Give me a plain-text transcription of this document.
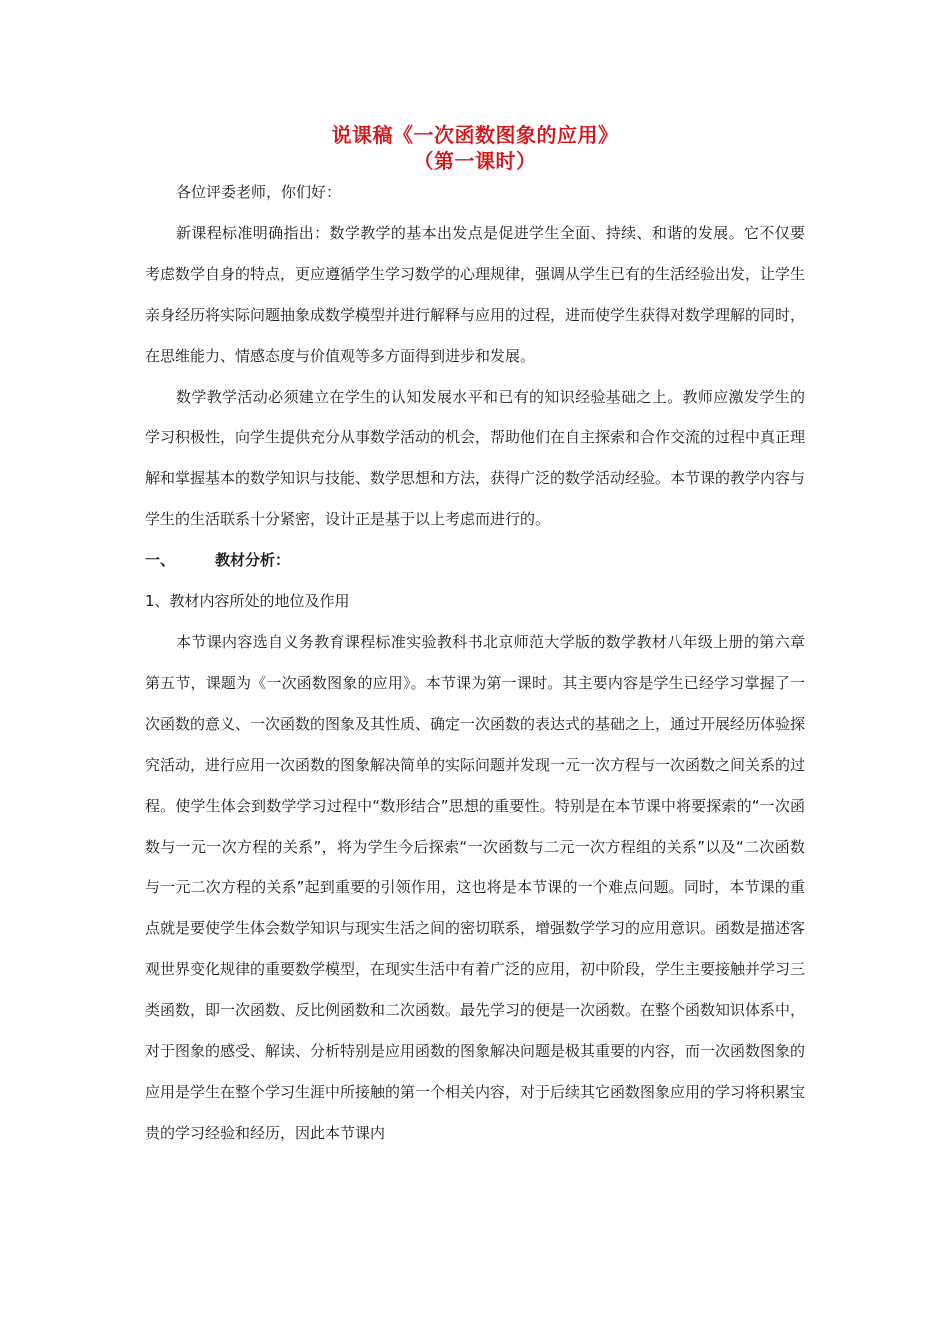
说课稿《一次函数图象的应用》
（第一课时）

各位评委老师，你们好：

新课程标准明确指出：数学教学的基本出发点是促进学生全面、持续、和谐的发展。它不仅要考虑数学自身的特点，更应遵循学生学习数学的心理规律，强调从学生已有的生活经验出发，让学生亲身经历将实际问题抽象成数学模型并进行解释与应用的过程，进而使学生获得对数学理解的同时，在思维能力、情感态度与价值观等多方面得到进步和发展。

数学教学活动必须建立在学生的认知发展水平和已有的知识经验基础之上。教师应激发学生的学习积极性，向学生提供充分从事数学活动的机会，帮助他们在自主探索和合作交流的过程中真正理解和掌握基本的数学知识与技能、数学思想和方法，获得广泛的数学活动经验。本节课的教学内容与学生的生活联系十分紧密，设计正是基于以上考虑而进行的。

一、	教材分析：

1、教材内容所处的地位及作用

本节课内容选自义务教育课程标准实验教科书北京师范大学版的数学教材八年级上册的第六章第五节，课题为《一次函数图象的应用》。本节课为第一课时。其主要内容是学生已经学习掌握了一次函数的意义、一次函数的图象及其性质、确定一次函数的表达式的基础之上，通过开展经历体验探究活动，进行应用一次函数的图象解决简单的实际问题并发现一元一次方程与一次函数之间关系的过程。使学生体会到数学学习过程中“数形结合”思想的重要性。特别是在本节课中将要探索的“一次函数与一元一次方程的关系”，将为学生今后探索“一次函数与二元一次方程组的关系”以及“二次函数与一元二次方程的关系”起到重要的引领作用，这也将是本节课的一个难点问题。同时，本节课的重点就是要使学生体会数学知识与现实生活之间的密切联系，增强数学学习的应用意识。函数是描述客观世界变化规律的重要数学模型，在现实生活中有着广泛的应用，初中阶段，学生主要接触并学习三类函数，即一次函数、反比例函数和二次函数。最先学习的便是一次函数。在整个函数知识体系中，对于图象的感受、解读、分析特别是应用函数的图象解决问题是极其重要的内容，而一次函数图象的应用是学生在整个学习生涯中所接触的第一个相关内容，对于后续其它函数图象应用的学习将积累宝贵的学习经验和经历，因此本节课内
